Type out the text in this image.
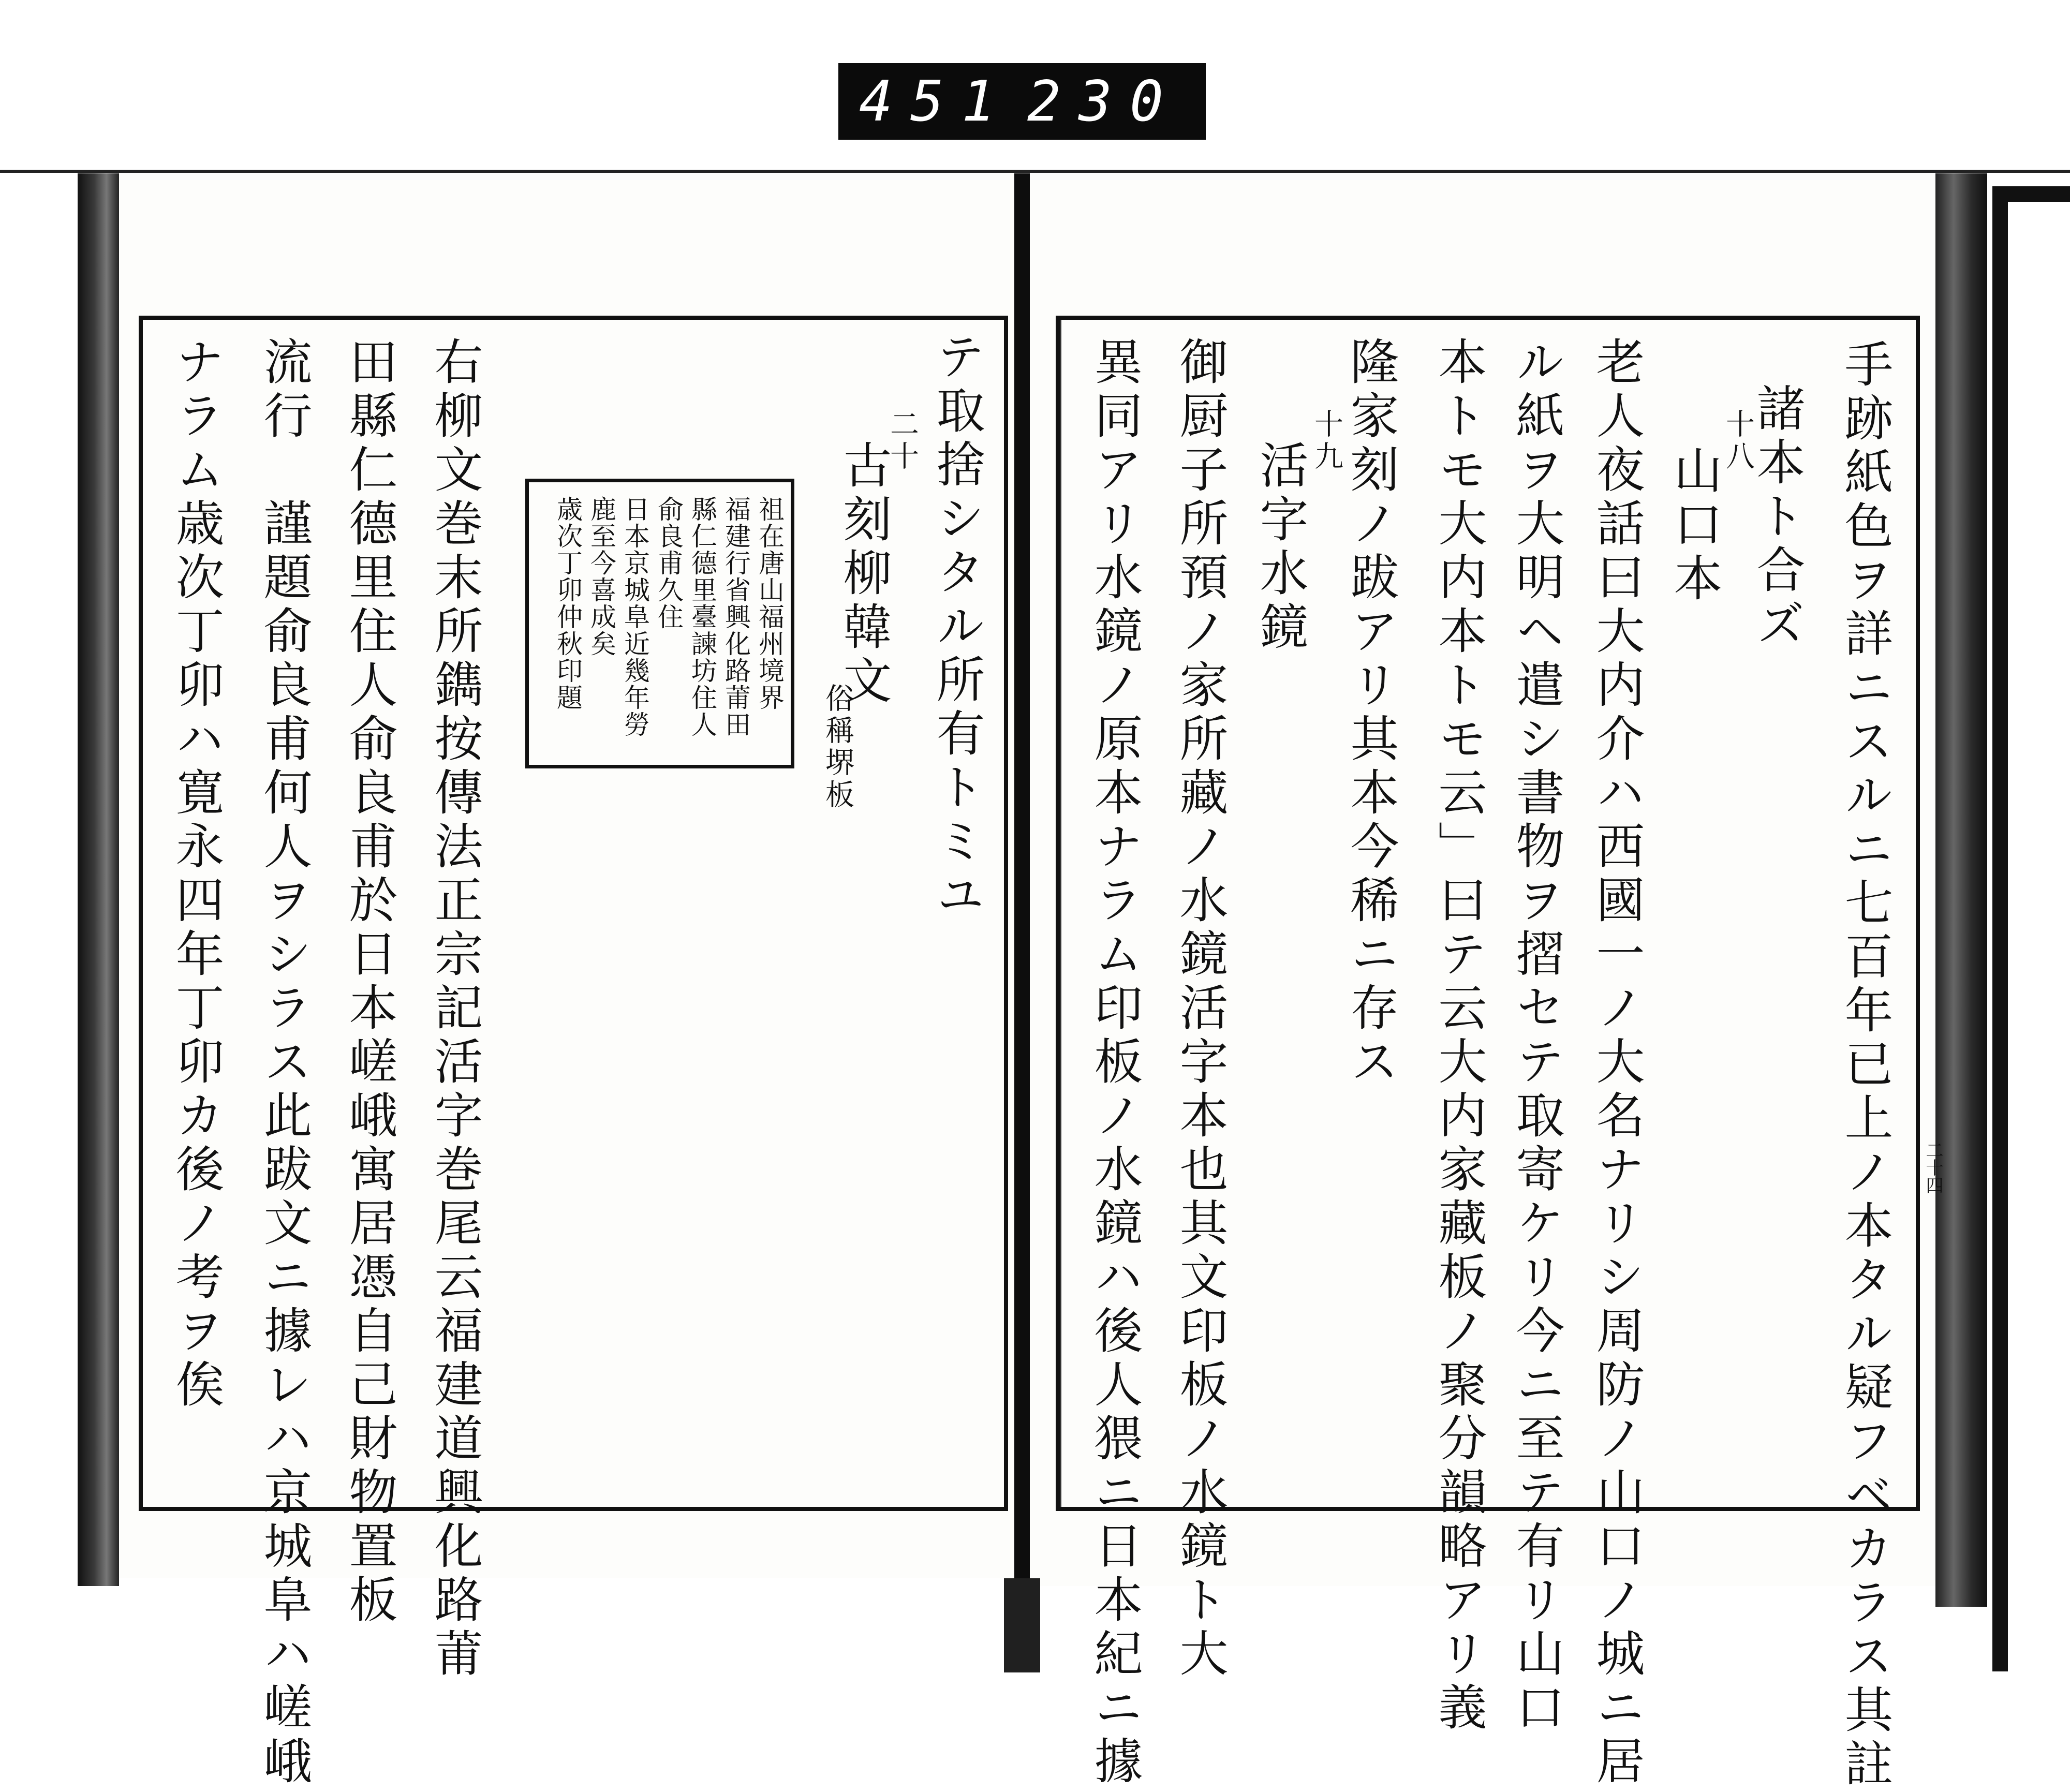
451 230
手跡紙色ヲ詳ニスルニ七百年已上ノ本タル疑フベカラス其註
諸本ト合ズ
十八
山口本
老人夜話曰大内介ハ西國一ノ大名ナリシ周防ノ山口ノ城ニ居
ル紙ヲ大明ヘ遣シ書物ヲ摺セテ取寄ケリ今ニ至テ有リ山口
本トモ大内本トモ云」曰テ云大内家藏板ノ聚分韻略アリ義
隆家刻ノ跋アリ其本今稀ニ存ス
十九
活字水鏡
御厨子所預ノ家所藏ノ水鏡活字本也其文印板ノ水鏡ト大
異同アリ水鏡ノ原本ナラム印板ノ水鏡ハ後人猥ニ日本紀ニ據	二十四
テ取捨シタル所有トミユ
二十
古刻柳韓文
俗稱堺板
祖在唐山福州境界
福建行省興化路莆田
縣仁德里臺諫坊住人
俞良甫久住
日本京城阜近幾年勞
鹿至今喜成矣
歳次丁卯仲秋印題
右柳文巻末所鐫按傳法正宗記活字巻尾云福建道興化路莆
田縣仁德里住人俞良甫於日本嵯峨寓居憑自己財物置板
流行　謹題俞良甫何人ヲシラス此跋文ニ據レハ京城阜ハ嵯峨
ナラム歳次丁卯ハ寛永四年丁卯カ後ノ考ヲ俟
